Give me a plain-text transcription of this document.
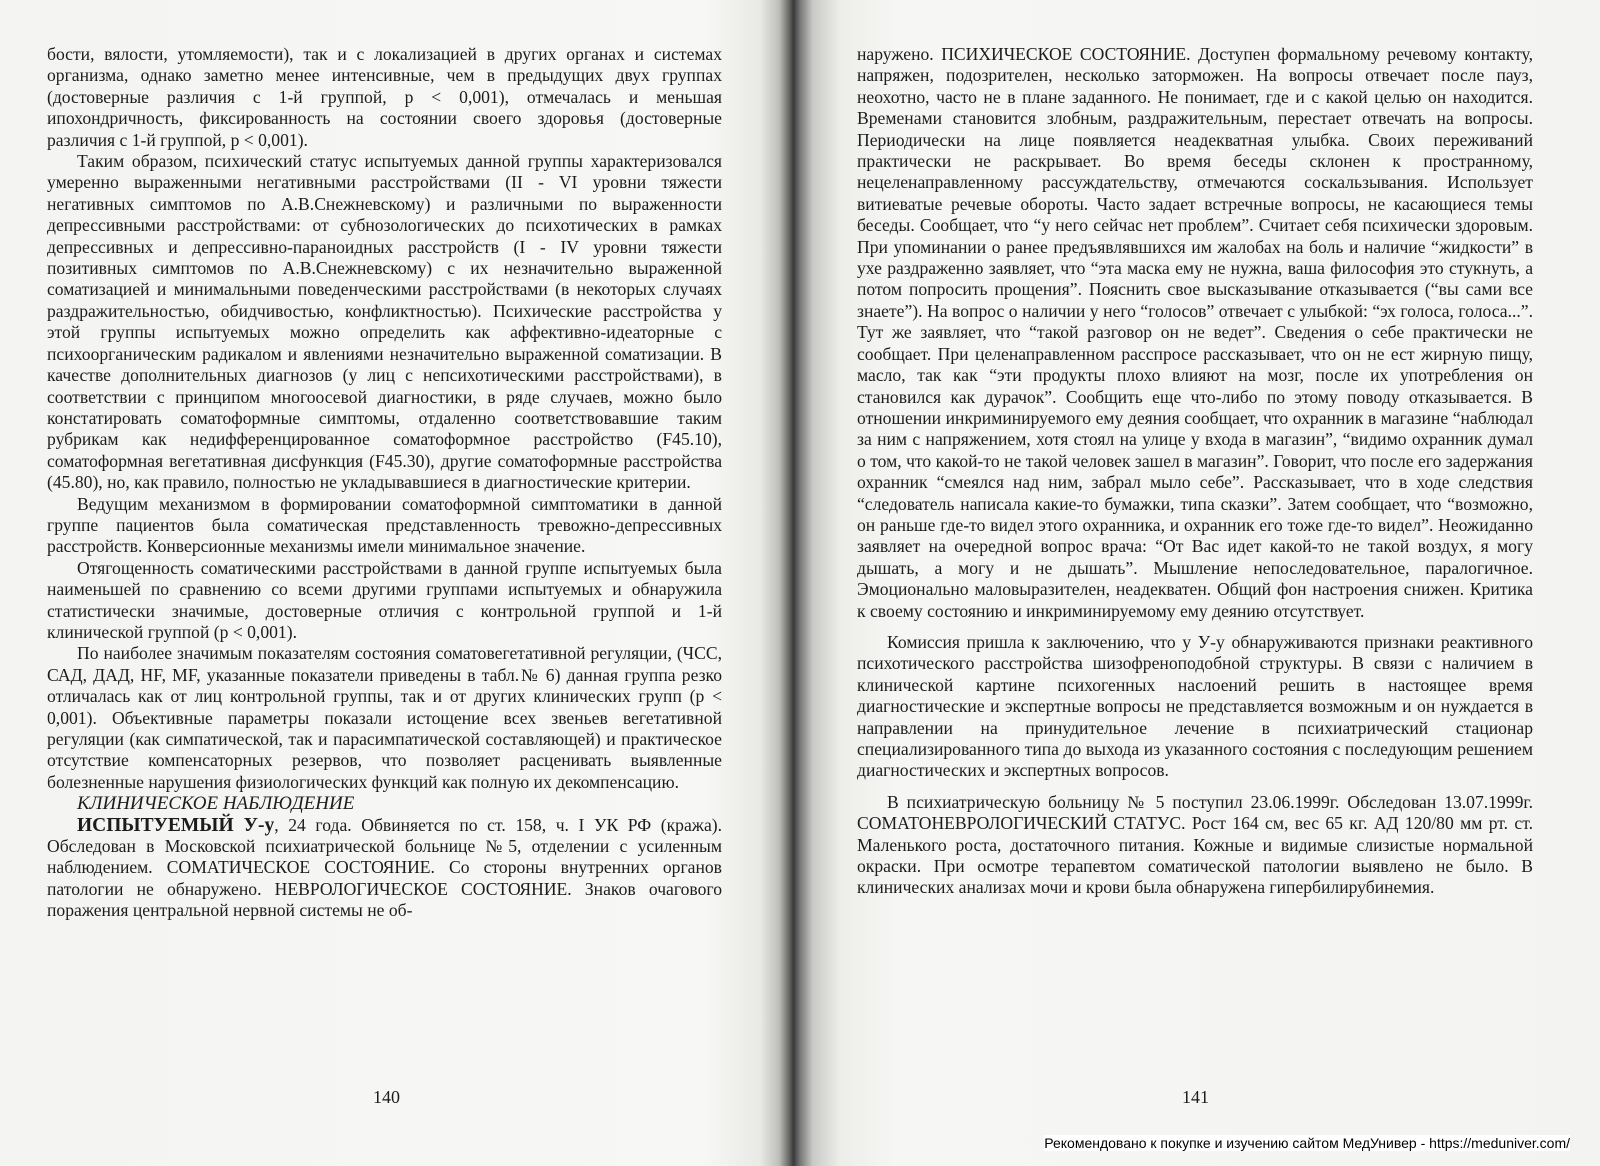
бости, вялости, утомляемости), так и с локализацией в других органах и системах организма, однако заметно менее интенсивные, чем в предыдущих двух группах (достоверные различия с 1-й группой, р < 0,001), отмечалась и меньшая ипохондричность, фиксированность на состоянии своего здоровья (достоверные различия с 1-й группой, р < 0,001).

Таким образом, психический статус испытуемых данной группы характеризовался умеренно выраженными негативными расстройствами (II - VI уровни тяжести негативных симптомов по А.В.Снежневскому) и различными по выраженности депрессивными расстройствами: от субнозологических до психотических в рамках депрессивных и депрессивно-параноидных расстройств (I - IV уровни тяжести позитивных симптомов по А.В.Снежневскому) с их незначительно выраженной соматизацией и минимальными поведенческими расстройствами (в некоторых случаях раздражительностью, обидчивостью, конфликтностью). Психические расстройства у этой группы испытуемых можно определить как аффективно-идеаторные с психоорганическим радикалом и явлениями незначительно выраженной соматизации. В качестве дополнительных диагнозов (у лиц с непсихотическими расстройствами), в соответствии с принципом многоосевой диагностики, в ряде случаев, можно было констатировать соматоформные симптомы, отдаленно соответствовавшие таким рубрикам как недифференцированное соматоформное расстройство (F45.10), соматоформная вегетативная дисфункция (F45.30), другие соматоформные расстройства (45.80), но, как правило, полностью не укладывавшиеся в диагностические критерии.

Ведущим механизмом в формировании соматоформной симптоматики в данной группе пациентов была соматическая представленность тревожно-депрессивных расстройств. Конверсионные механизмы имели минимальное значение.

Отягощенность соматическими расстройствами в данной группе испытуемых была наименьшей по сравнению со всеми другими группами испытуемых и обнаружила статистически значимые, достоверные отличия с контрольной группой и 1-й клинической группой (р < 0,001).

По наиболее значимым показателям состояния соматовегетативной регуляции, (ЧСС, САД, ДАД, HF, MF, указанные показатели приведены в табл.№ 6) данная группа резко отличалась как от лиц контрольной группы, так и от других клинических групп (р < 0,001). Объективные параметры показали истощение всех звеньев вегетативной регуляции (как симпатической, так и парасимпатической составляющей) и практическое отсутствие компенсаторных резервов, что позволяет расценивать выявленные болезненные нарушения физиологических функций как полную их декомпенсацию.

КЛИНИЧЕСКОЕ НАБЛЮДЕНИЕ

ИСПЫТУЕМЫЙ У-у, 24 года. Обвиняется по ст. 158, ч. I УК РФ (кража). Обследован в Московской психиатрической больнице №5, отделении с усиленным наблюдением. СОМАТИЧЕСКОЕ СОСТОЯНИЕ. Со стороны внутренних органов патологии не обнаружено. НЕВРОЛОГИЧЕСКОЕ СОСТОЯНИЕ. Знаков очагового поражения центральной нервной системы не об-

140

наружено. ПСИХИЧЕСКОЕ СОСТОЯНИЕ. Доступен формальному речевому контакту, напряжен, подозрителен, несколько заторможен. На вопросы отвечает после пауз, неохотно, часто не в плане заданного. Не понимает, где и с какой целью он находится. Временами становится злобным, раздражительным, перестает отвечать на вопросы. Периодически на лице появляется неадекватная улыбка. Своих переживаний практически не раскрывает. Во время беседы склонен к пространному, нецеленаправленному рассуждательству, отмечаются соскальзывания. Использует витиеватые речевые обороты. Часто задает встречные вопросы, не касающиеся темы беседы. Сообщает, что “у него сейчас нет проблем”. Считает себя психически здоровым. При упоминании о ранее предъявлявшихся им жалобах на боль и наличие “жидкости” в ухе раздраженно заявляет, что “эта маска ему не нужна, ваша философия это стукнуть, а потом попросить прощения”. Пояснить свое высказывание отказывается (“вы сами все знаете”). На вопрос о наличии у него “голосов” отвечает с улыбкой: “эх голоса, голоса...”. Тут же заявляет, что “такой разговор он не ведет”. Сведения о себе практически не сообщает. При целенаправленном расспросе рассказывает, что он не ест жирную пищу, масло, так как “эти продукты плохо влияют на мозг, после их употребления он становился как дурачок”. Сообщить еще что-либо по этому поводу отказывается. В отношении инкриминируемого ему деяния сообщает, что охранник в магазине “наблюдал за ним с напряжением, хотя стоял на улице у входа в магазин”, “видимо охранник думал о том, что какой-то не такой человек зашел в магазин”. Говорит, что после его задержания охранник “смеялся над ним, забрал мыло себе”. Рассказывает, что в ходе следствия “следователь написала какие-то бумажки, типа сказки”. Затем сообщает, что “возможно, он раньше где-то видел этого охранника, и охранник его тоже где-то видел”. Неожиданно заявляет на очередной вопрос врача: “От Вас идет какой-то не такой воздух, я могу дышать, а могу и не дышать”. Мышление непоследовательное, паралогичное. Эмоционально маловыразителен, неадекватен. Общий фон настроения снижен. Критика к своему состоянию и инкриминируемому ему деянию отсутствует.

Комиссия пришла к заключению, что у У-у обнаруживаются признаки реактивного психотического расстройства шизофреноподобной структуры. В связи с наличием в клинической картине психогенных наслоений решить в настоящее время диагностические и экспертные вопросы не представляется возможным и он нуждается в направлении на принудительное лечение в психиатрический стационар специализированного типа до выхода из указанного состояния с последующим решением диагностических и экспертных вопросов.

В психиатрическую больницу № 5 поступил 23.06.1999г. Обследован 13.07.1999г. СОМАТОНЕВРОЛОГИЧЕСКИЙ СТАТУС. Рост 164 см, вес 65 кг. АД 120/80 мм рт. ст. Маленького роста, достаточного питания. Кожные и видимые слизистые нормальной окраски. При осмотре терапевтом соматической патологии выявлено не было. В клинических анализах мочи и крови была обнаружена гипербилирубинемия.

141
Рекомендовано к покупке и изучению сайтом МедУнивер - https://meduniver.com/
